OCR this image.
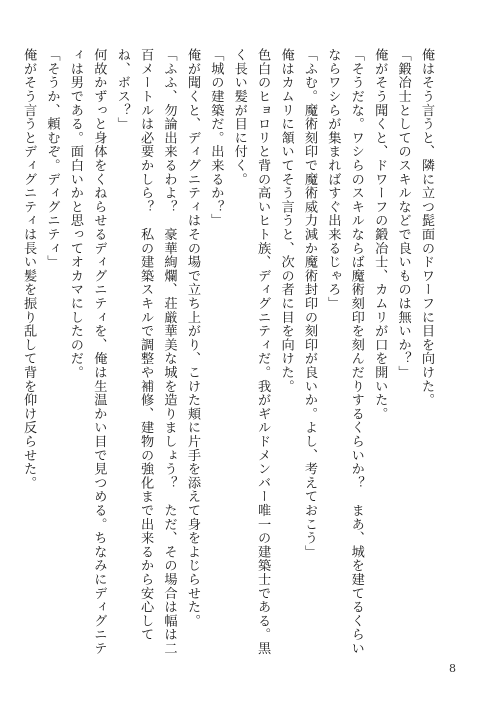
俺はそう言うと、隣に立つ髭面のドワーフに目を向けた。
「鍛冶士としてのスキルなどで良いものは無いか？」
俺がそう聞くと、ドワーフの鍛冶士、カムリが口を開いた。
「そうだな。ワシらのスキルならば魔術刻印を刻んだりするくらいか？　まあ、城を建てるくらいならワシらが集まればすぐ出来るじゃろ」
「ふむ。魔術刻印で魔術威力減か魔術封印の刻印が良いか。よし、考えておこう」
俺はカムリに頷いてそう言うと、次の者に目を向けた。
色白のヒョロリと背の高いヒト族、ディグニティだ。我がギルドメンバー唯一の建築士である。黒く長い髪が目に付く。
「城の建築だ。出来るか？」
俺が聞くと、ディグニティはその場で立ち上がり、こけた頬に片手を添えて身をよじらせた。
「ふふ、勿論出来るわよ？　豪華絢爛、荘厳華美な城を造りましょう？　ただ、その場合は幅は二百メートルは必要かしら？　私の建築スキルで調整や補修、建物の強化まで出来るから安心してね、ボス？」
何故かずっと身体をくねらせるディグニティを、俺は生温かい目で見つめる。ちなみにディグニティは男である。面白いかと思ってオカマにしたのだ。
「そうか、頼むぞ。ディグニティ」
俺がそう言うとディグニティは長い髪を振り乱して背を仰け反らせた。
8
